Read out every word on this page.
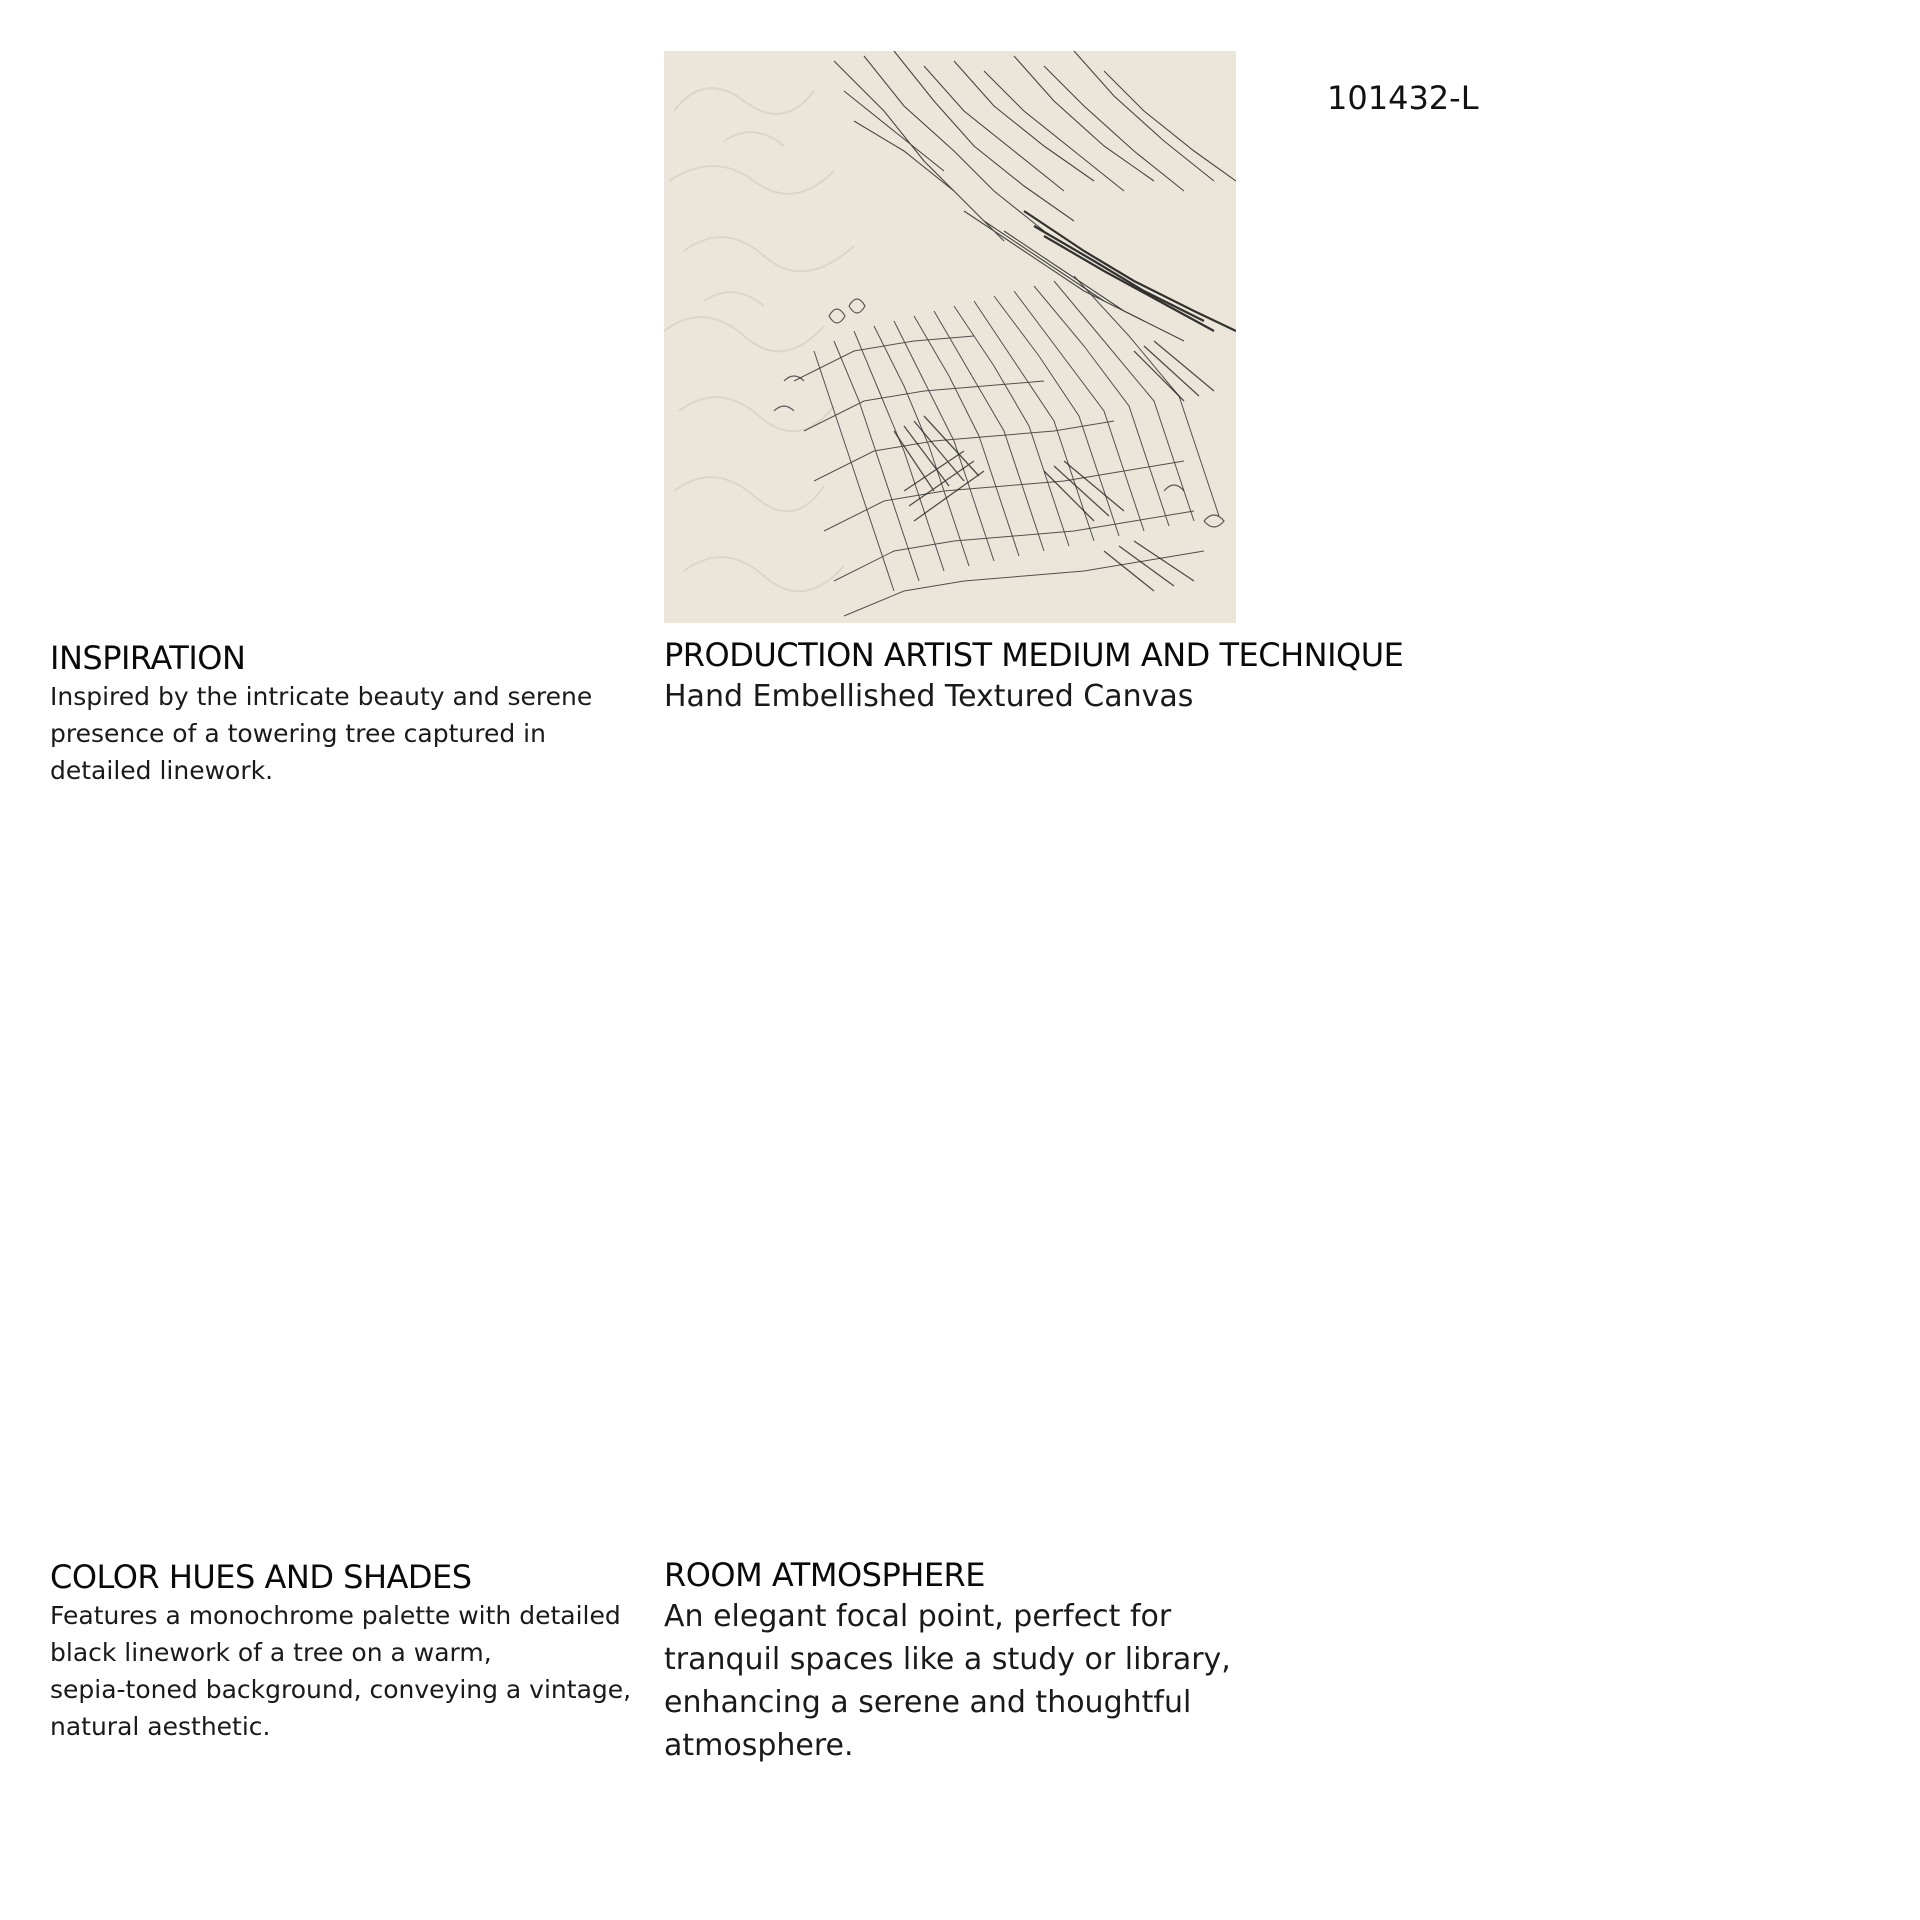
101432-L
INSPIRATION
Inspired by the intricate beauty and serene
presence of a towering tree captured in
detailed linework.
PRODUCTION ARTIST MEDIUM AND TECHNIQUE
Hand Embellished Textured Canvas
COLOR HUES AND SHADES
Features a monochrome palette with detailed
black linework of a tree on a warm,
sepia-toned background, conveying a vintage,
natural aesthetic.
ROOM ATMOSPHERE
An elegant focal point, perfect for
tranquil spaces like a study or library,
enhancing a serene and thoughtful
atmosphere.
